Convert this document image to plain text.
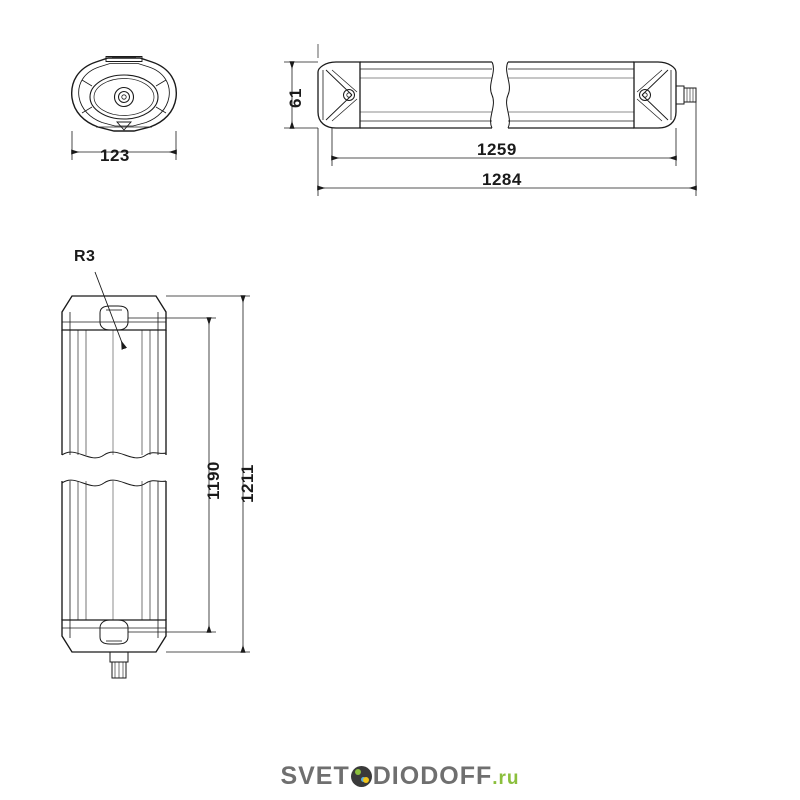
123
61
1259
1284
1190 1211
R3
SVET DIODOFF.ru
